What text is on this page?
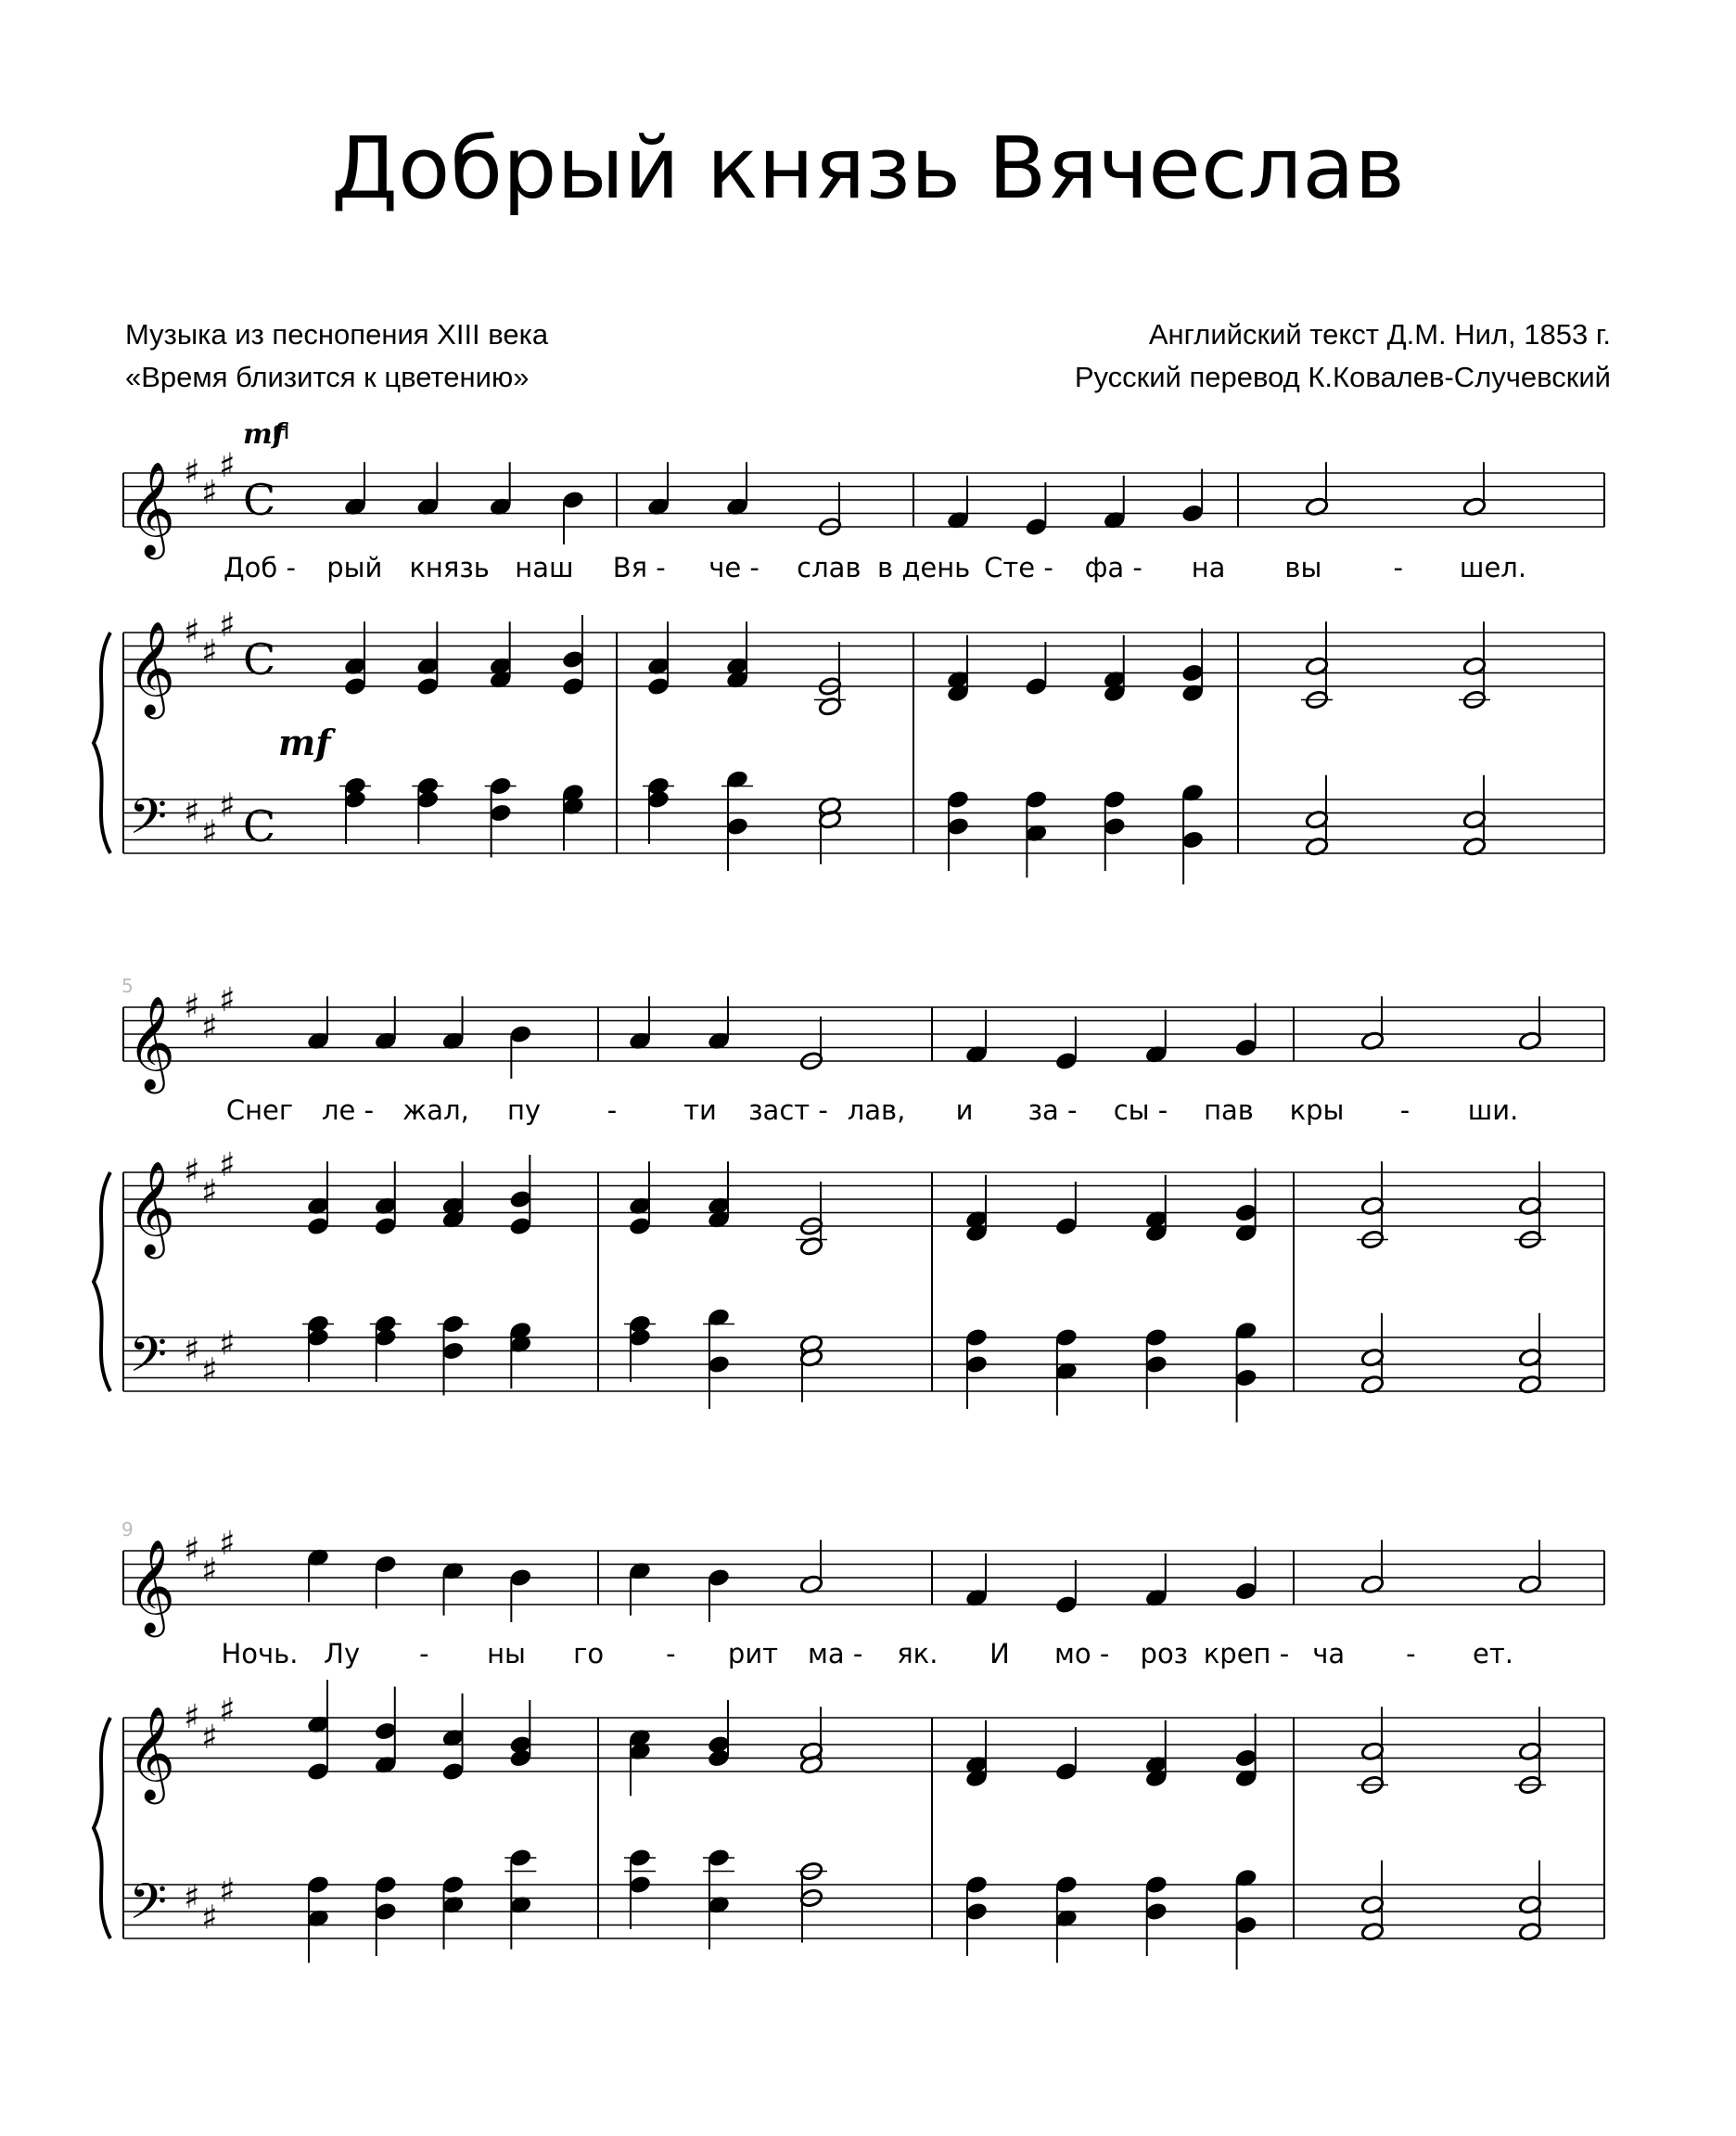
Добрый князь Вячеслав
Музыка из песнопения XIII века
«Время близится к цветению»
Английский текст Д.М. Нил, 1853 г.
Русский перевод К.Ковалев-Случевский
𝄞 ♯
♯
♯
𝄞 ♯
♯
♯
𝄢 ♯
♯
♯
C
C
C
Доб - рый князь наш Вя - че - слав в день Сте - фа - на вы	- шел.
mf
mf
𝄞 ♯
♯
♯
𝄞 ♯
♯
♯
𝄢 ♯
♯
♯
5
Снег ле - жал, пу - ти заст - лав, и за - сы - пав кры - ши.
𝄞 ♯
♯
♯
𝄞 ♯
♯
♯
𝄢 ♯
♯
♯
9
Ночь. Лу - ны го - рит ма - як. И мо - роз креп - ча - ет.
